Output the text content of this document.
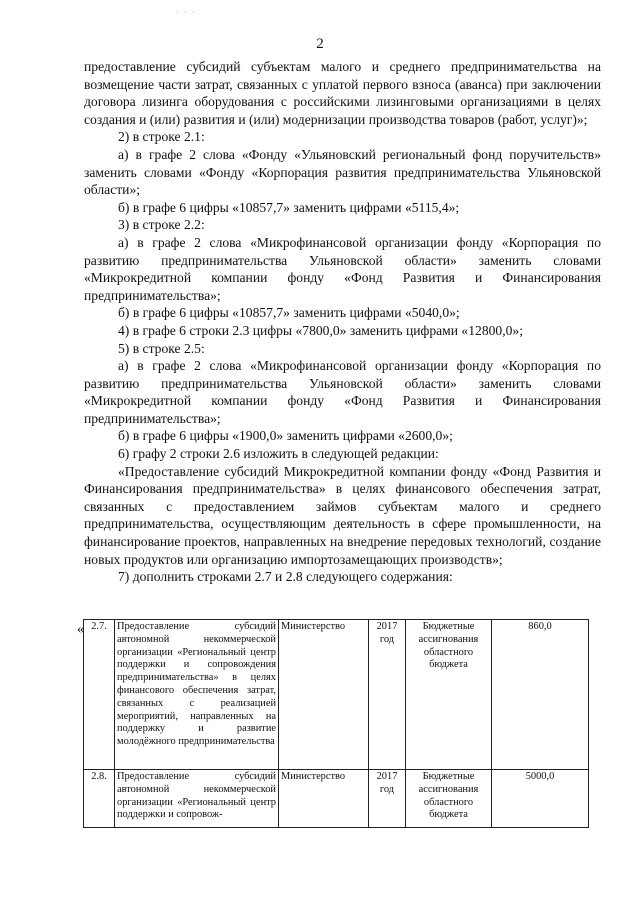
· · ·
2

предоставление субсидий субъектам малого и среднего предпринимательства на возмещение части затрат, связанных с уплатой первого взноса (аванса) при заключении договора лизинга оборудования с российскими лизинговыми организациями в целях создания и (или) развития и (или) модернизации производства товаров (работ, услуг)»;

2) в строке 2.1:

а) в графе 2 слова «Фонду «Ульяновский региональный фонд поручительств» заменить словами «Фонду «Корпорация развития предпринимательства Ульяновской области»;

б) в графе 6 цифры «10857,7» заменить цифрами «5115,4»;

3) в строке 2.2:

а) в графе 2 слова «Микрофинансовой организации фонду «Корпорация по развитию предпринимательства Ульяновской области» заменить словами «Микрокредитной компании фонду «Фонд Развития и Финансирования предпринимательства»;

б) в графе 6 цифры «10857,7» заменить цифрами «5040,0»;

4) в графе 6 строки 2.3 цифры «7800,0» заменить цифрами «12800,0»;

5) в строке 2.5:

а) в графе 2 слова «Микрофинансовой организации фонду «Корпорация по развитию предпринимательства Ульяновской области» заменить словами «Микрокредитной компании фонду «Фонд Развития и Финансирования предпринимательства»;

б) в графе 6 цифры «1900,0» заменить цифрами «2600,0»;

6) графу 2 строки 2.6 изложить в следующей редакции:

«Предоставление субсидий Микрокредитной компании фонду «Фонд Развития и Финансирования предпринимательства» в целях финансового обеспечения затрат, связанных с предоставлением займов субъектам малого и среднего предпринимательства, осуществляющим деятельность в сфере промышленности, на финансирование проектов, направленных на внедрение передовых технологий, создание новых продуктов или организацию импортозамещающих производств»;

7) дополнить строками 2.7 и 2.8 следующего содержания:

« 2.7.	Предоставление субсидий автономной некоммерческой организации «Региональный центр поддержки и сопровождения предпринимательства» в целях финансового обеспечения затрат, связанных с реализацией мероприятий, направленных на поддержку и развитие молодёжного предпринимательства	Министерство	2017 год	Бюджетные ассигнования областного бюджета	860,0
2.8.	Предоставление субсидий автономной некоммерческой организации «Региональный центр поддержки и сопровож-	Министерство	2017 год	Бюджетные ассигнования областного бюджета	5000,0
